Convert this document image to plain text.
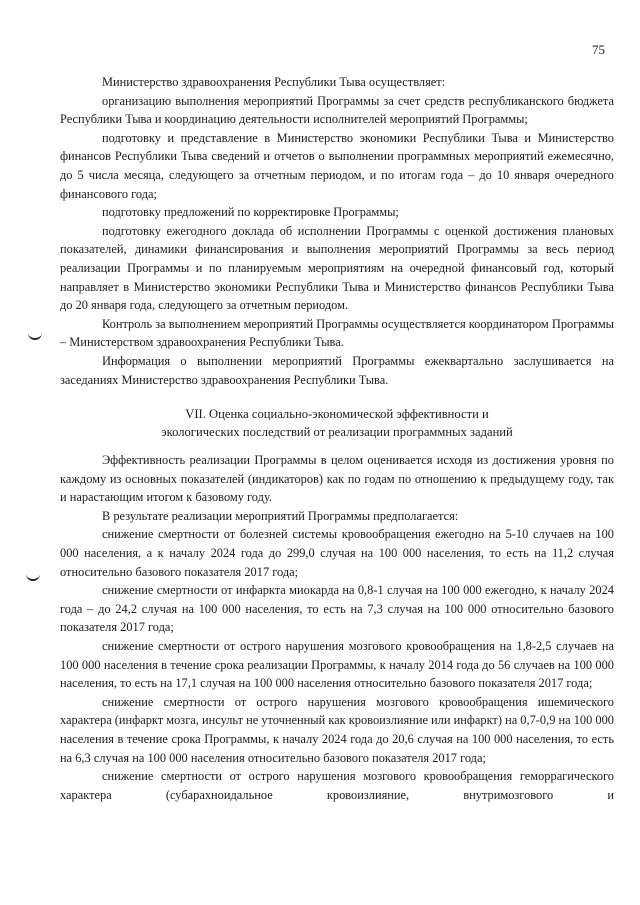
75

Министерство здравоохранения Республики Тыва осуществляет:

организацию выполнения мероприятий Программы за счет средств республиканского бюджета Республики Тыва и координацию деятельности исполнителей мероприятий Программы;

подготовку и представление в Министерство экономики Республики Тыва и Министерство финансов Республики Тыва сведений и отчетов о выполнении программных мероприятий ежемесячно, до 5 числа месяца, следующего за отчетным периодом, и по итогам года – до 10 января очередного финансового года;

подготовку предложений по корректировке Программы;

подготовку ежегодного доклада об исполнении Программы с оценкой достижения плановых показателей, динамики финансирования и выполнения мероприятий Программы за весь период реализации Программы и по планируемым мероприятиям на очередной финансовый год, который направляет в Министерство экономики Республики Тыва и Министерство финансов Республики Тыва до 20 января года, следующего за отчетным периодом.

Контроль за выполнением мероприятий Программы осуществляется координатором Программы – Министерством здравоохранения Республики Тыва.

Информация о выполнении мероприятий Программы ежеквартально заслушивается на заседаниях Министерство здравоохранения Республики Тыва.

VII. Оценка социально-экономической эффективности и
экологических последствий от реализации программных заданий

Эффективность реализации Программы в целом оценивается исходя из достижения уровня по каждому из основных показателей (индикаторов) как по годам по отношению к предыдущему году, так и нарастающим итогом к базовому году.

В результате реализации мероприятий Программы предполагается:

снижение смертности от болезней системы кровообращения ежегодно на 5-10 случаев на 100 000 населения, а к началу 2024 года до 299,0 случая на 100 000 населения, то есть на 11,2 случая относительно базового показателя 2017 года;

снижение смертности от инфаркта миокарда на 0,8-1 случая на 100 000 ежегодно, к началу 2024 года – до 24,2 случая на 100 000 населения, то есть на 7,3 случая на 100 000 относительно базового показателя 2017 года;

снижение смертности от острого нарушения мозгового кровообращения на 1,8-2,5 случаев на 100 000 населения в течение срока реализации Программы, к началу 2014 года до 56 случаев на 100 000 населения, то есть на 17,1 случая на 100 000 населения относительно базового показателя 2017 года;

снижение смертности от острого нарушения мозгового кровообращения ишемического характера (инфаркт мозга, инсульт не уточненный как кровоизлияние или инфаркт) на 0,7-0,9 на 100 000 населения в течение срока Программы, к началу 2024 года до 20,6 случая на 100 000 населения, то есть на 6,3 случая на 100 000 населения относительно базового показателя 2017 года;

снижение смертности от острого нарушения мозгового кровообращения геморрагического характера (субарахноидальное кровоизлияние, внутримозгового и
